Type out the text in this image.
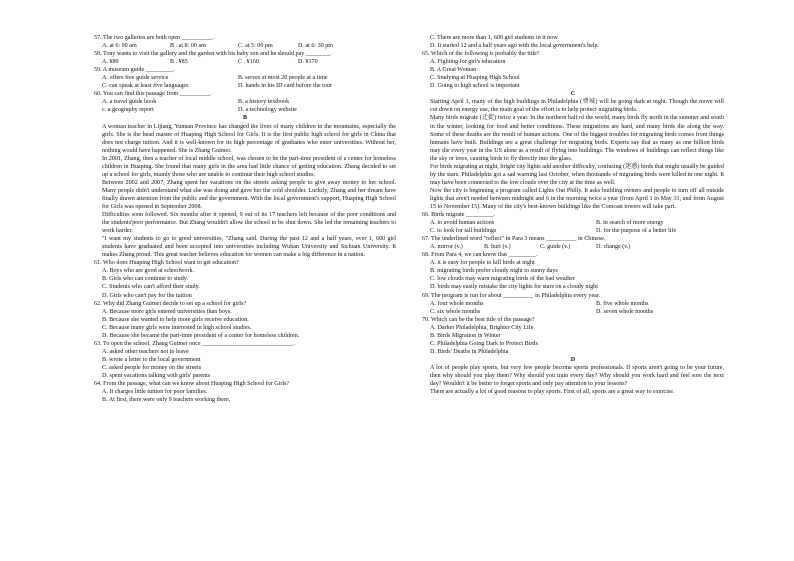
57. The two galleries are both open __________.
A. at 6: 00 am	B . at 8: 00 am	C. at 5: 00 pm	D. at 6: 30 pm
58. Tony wants to visit the gallery and the garden with his baby son and he should pay ________.
A. ¥80	B . ¥85	C . ¥160	D. ¥170
59. A museum guide _________.
A. offers free guide service	B. serves at most 20 people at a time
C. can speak at least five languages	D. hands in his ID card before the tour
60. You can find this passage from __________.
A. a travel guide book	B. a history textbook
c. a geography report	D. a technology website
B
A woman teacher in Lijiang, Yunnan Province has changed the lives of many children in the mountains, especially the girls. She is the head master of Huaping High School for Girls. It is the first public high school for girls in China that does not charge tuition. And it is well-known for its high percentage of graduates who enter universities. Without her, nothing would have happened. She is Zhang Guimei.
In 2001, Zhang, then a teacher of local middle school, was chosen to be the part-time president of a center for homeless children in Huaping. She found that many girls in the area had little chance of getting education. Zhang decided to set up a school for girls, mainly those who are unable to continue their high school studies.
Between 2002 and 2007, Zhang spent her vacations on the streets asking people to give away money to her school. Many people didn't understand what she was doing and gave her the cold shoulder. Luckily, Zhang and her dream have finally drawn attention from the public and the government. With the local government's support, Huaping High School for Girls was opened in September 2008.
Difficulties soon followed. Six months after it opened, 9 out of its 17 teachers left because of the poor conditions and the students'poor performance. But Zhang wouldn't allow the school to be shut down. She led the remaining teachers to work harder.
"I want my students to go to good universities, "Zhang said. During the past 12 and a half years, over 1, 600 girl students have graduated and been accepted into universities including Wuhan University and Sichuan University. It makes Zhang proud. This great teacher believes education for women can make a big difference in a nation.
61. Who does Huaping High School want to get education?
A. Boys who are good at schoolwork.
B. Girls who can continue to study.
C. Students who can't afford their study.
D. Girls who can't pay for the tuition
62. Why did Zhang Guimei decide to set up a school for girls?
A. Because more girls entered universities than boys.
B. Because she wanted to help more girls receive education.
C. Because many girls were interested in high school studies.
D. Because she became the part-time president of a center for homeless children.
63. To open the school, Zhang Guimei once ______________________________.
A. asked other teachers not to leave
B. wrote a letter to the local government
C. asked people for money on the streets
D. spent vacations talking with girls' parents
64. From the passage, what can we know about Huaping High School for Girls?
A. It charges little tuition for poor families.
B. At first, there were only 9 teachers working there.
C. There are more than 1, 600 girl students in it now.
D. It started 12 and a half years ago with the local government's help.
65. Which of the following is probably the title?
A. Fighting for girl's education
B. A Great Woman
C. Studying at Huaping High School
D. Going to high school is important
C
Starting April 1, many of the high buildings in Philadelphia (费城) will be going dark at night. Though the move will cut down on energy use, the main goal of the effort is to help protect migrating birds.
Many birds migrate (迁徙) twice a year. In the northern half of the world, many birds fly north in the summer and south in the winter, looking for food and better conditions. These migrations are hard, and many birds die along the way. Some of these deaths are the result of human actions. One of the biggest troubles for migrating birds comes from things humans have built. Buildings are a great challenge for migrating birds. Experts say that as many as one billion birds may die every year in the US alone as a result of flying into buildings. The windows of buildings can reflect things like the sky or trees, causing birds to fly directly into the glass.
For birds migrating at night, bright city lights add another difficulty, confusing (迷惑) birds that might usually be guided by the stars. Philadelphia got a sad warning last October, when thousands of migrating birds were killed in one night. It may have been connected to the low clouds over the city at the time as well.
Now the city is beginning a program called Lights Out Philly. It asks building owners and people to turn off all outside lights that aren't needed between midnight and 6 in the morning twice a year (from April 1 to May 31, and from August 15 to November 15). Many of the city's best-known buildings like the Comcast towers will take part.
66. Birds migrate _________.
A. to avoid human actions	B. in search of more energy
C. to look for tall buildings	D. for the purpose of a better life
67. The underlined word "reflect" in Para 3 means __________ in Chinese.
A. mirror (v.)	B. hurt (v.)	C. guide (v.)	D. change (v.)
68. From Para 4, we can know that _________.
A. it is easy for people to kill birds at night
B. migrating birds prefer cloudy night to sunny days
C. low clouds may warn migrating birds of the bad weather
D. birds may easily mistake the city lights for stars on a cloudy night
69. The program is run for about __________ in Philadelphia every year.
A. four whole months	B. five whole months
C. six whole months	D. seven whole months
70. Which can be the best title of the passage?
A. Darker Philadelphia, Brighter City Life
B. Birds Migration in Winter
C. Philadelphia Going Dark to Protect Birds
D. Birds' Deaths in Philadelphia
D
A lot of people play sports, but very few people become sports professionals. If sports aren't going to be your future, then why should you play them? Why should you train every day? Why should you work hard and feel sore the next day? Wouldn't it be better to forget sports and only pay attention to your lessons?
There are actually a lot of good reasons to play sports. First of all, sports are a great way to exercise.
